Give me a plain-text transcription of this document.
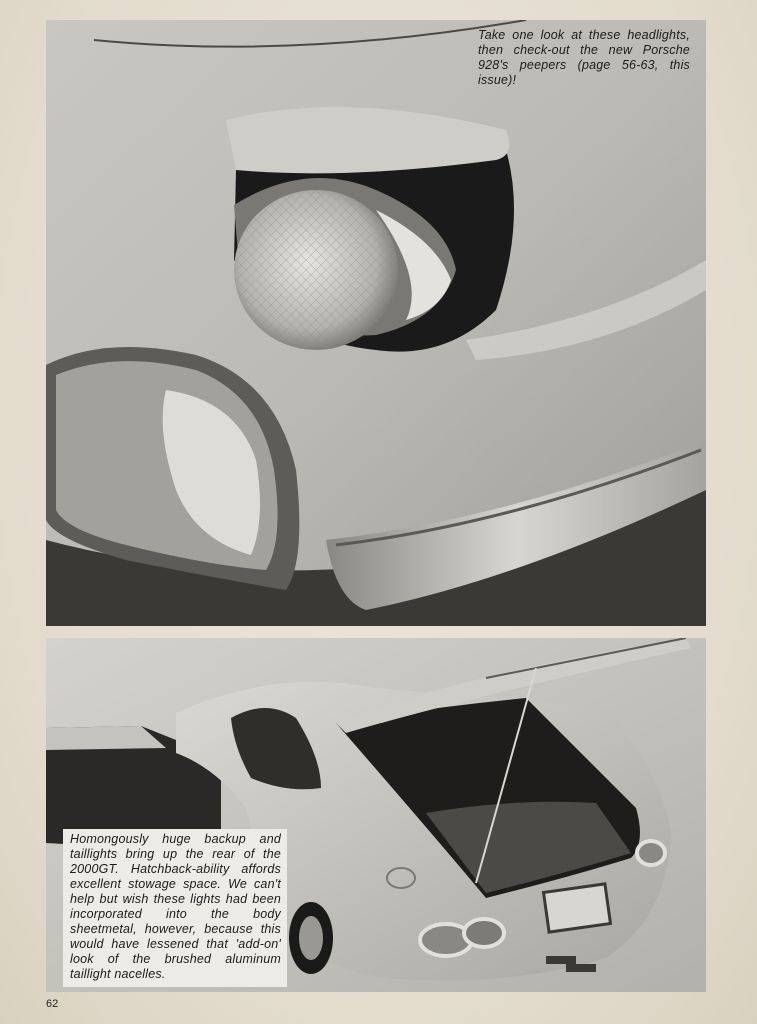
Take one look at these headlights, then check-out the new Porsche 928's peepers (page 56-63, this issue)!
Homongously huge backup and taillights bring up the rear of the 2000GT. Hatchback-ability affords excellent stowage space. We can't help but wish these lights had been incorporated into the body sheetmetal, however, because this would have lessened that 'add-on' look of the brushed aluminum taillight nacelles.
62
